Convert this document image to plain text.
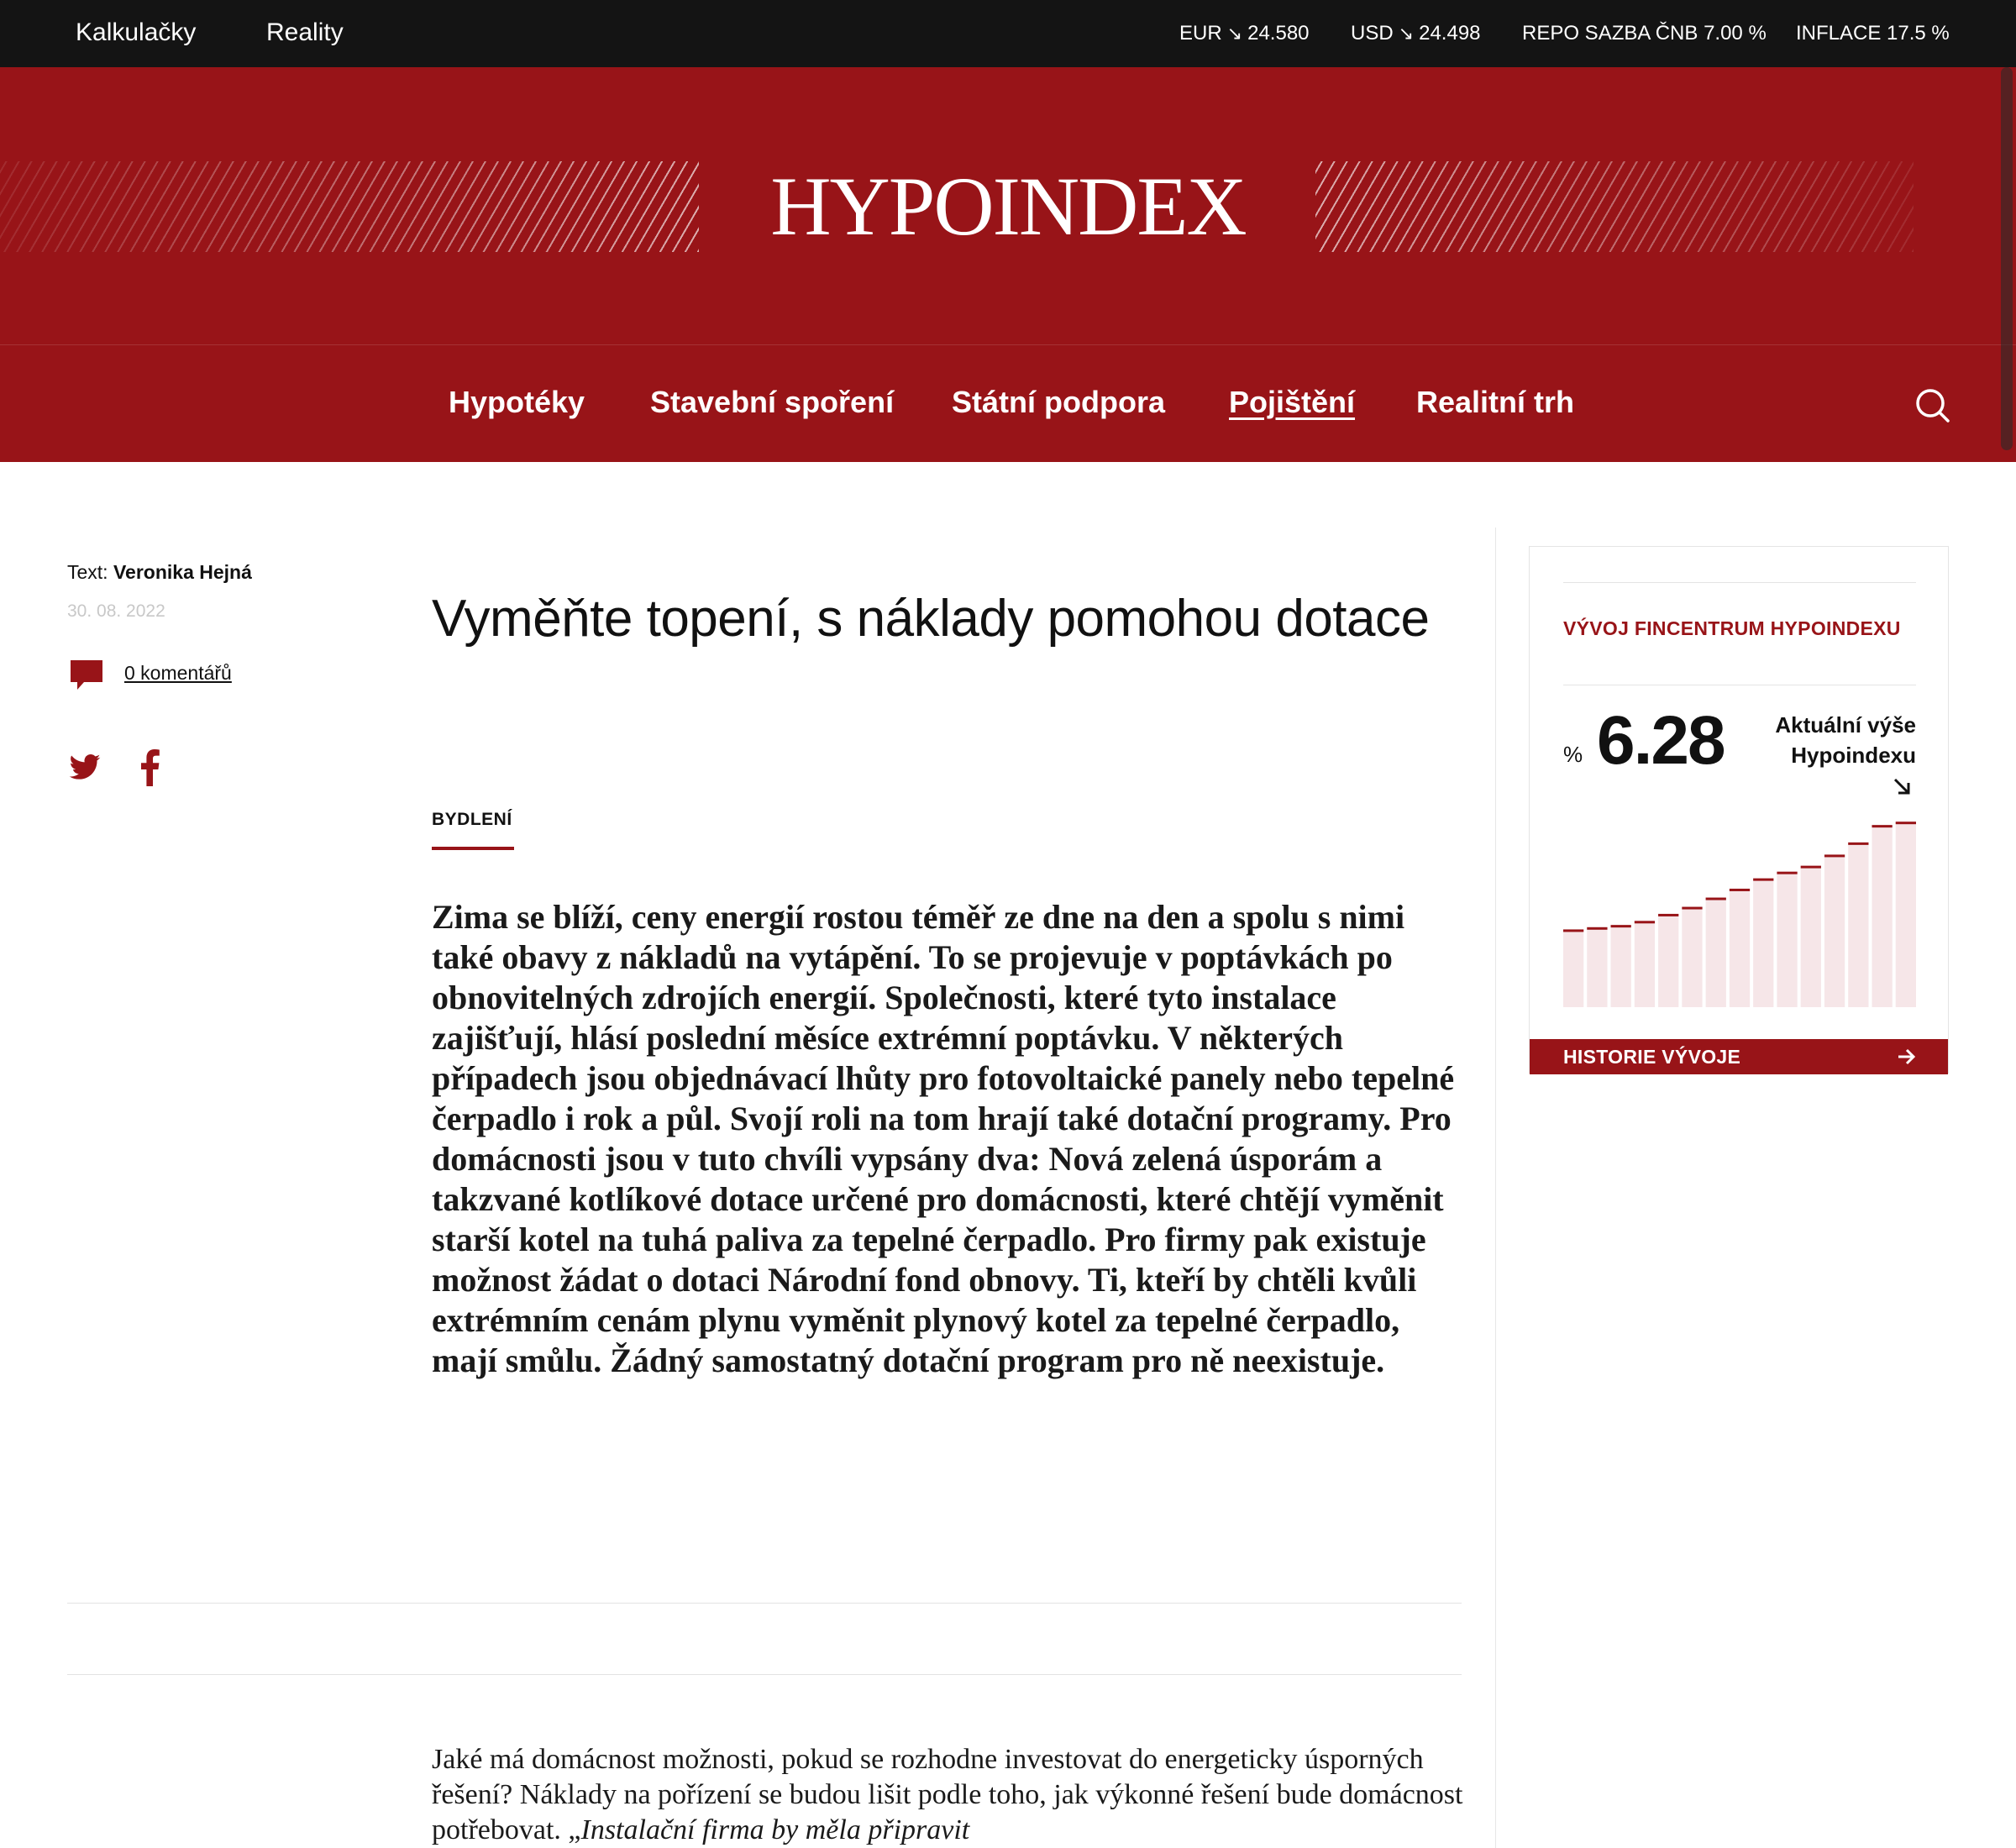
Kalkulačky	Reality	EUR ↘ 24.580 USD ↘ 24.498 REPO SAZBA ČNB 7.00 % INFLACE 17.5 %
HYPOINDEX
Hypotéky Stavební spoření Státní podpora Pojištění Realitní trh
Text: Veronika Hejná
30. 08. 2022
0 komentářů
Vyměňte topení, s náklady pomohou dotace
BYDLENÍ

Zima se blíží, ceny energií rostou téměř ze dne na den a spolu s nimi také obavy z nákladů na vytápění. To se projevuje v poptávkách po obnovitelných zdrojích energií. Společnosti, které tyto instalace zajišťují, hlásí poslední měsíce extrémní poptávku. V některých případech jsou objednávací lhůty pro fotovoltaické panely nebo tepelné čerpadlo i rok a půl. Svojí roli na tom hrají také dotační programy. Pro domácnosti jsou v tuto chvíli vypsány dva: Nová zelená úsporám a takzvané kotlíkové dotace určené pro domácnosti, které chtějí vyměnit starší kotel na tuhá paliva za tepelné čerpadlo. Pro firmy pak existuje možnost žádat o dotaci Národní fond obnovy. Ti, kteří by chtěli kvůli extrémním cenám plynu vyměnit plynový kotel za tepelné čerpadlo, mají smůlu. Žádný samostatný dotační program pro ně neexistuje.

Jaké má domácnost možnosti, pokud se rozhodne investovat do energeticky úsporných řešení? Náklady na pořízení se budou lišit podle toho, jak výkonné řešení bude domácnost potřebovat. „Instalační firma by měla připravit

VÝVOJ FINCENTRUM HYPOINDEXU
% 6.28	Aktuální výše Hypoindexu
HISTORIE VÝVOJE
